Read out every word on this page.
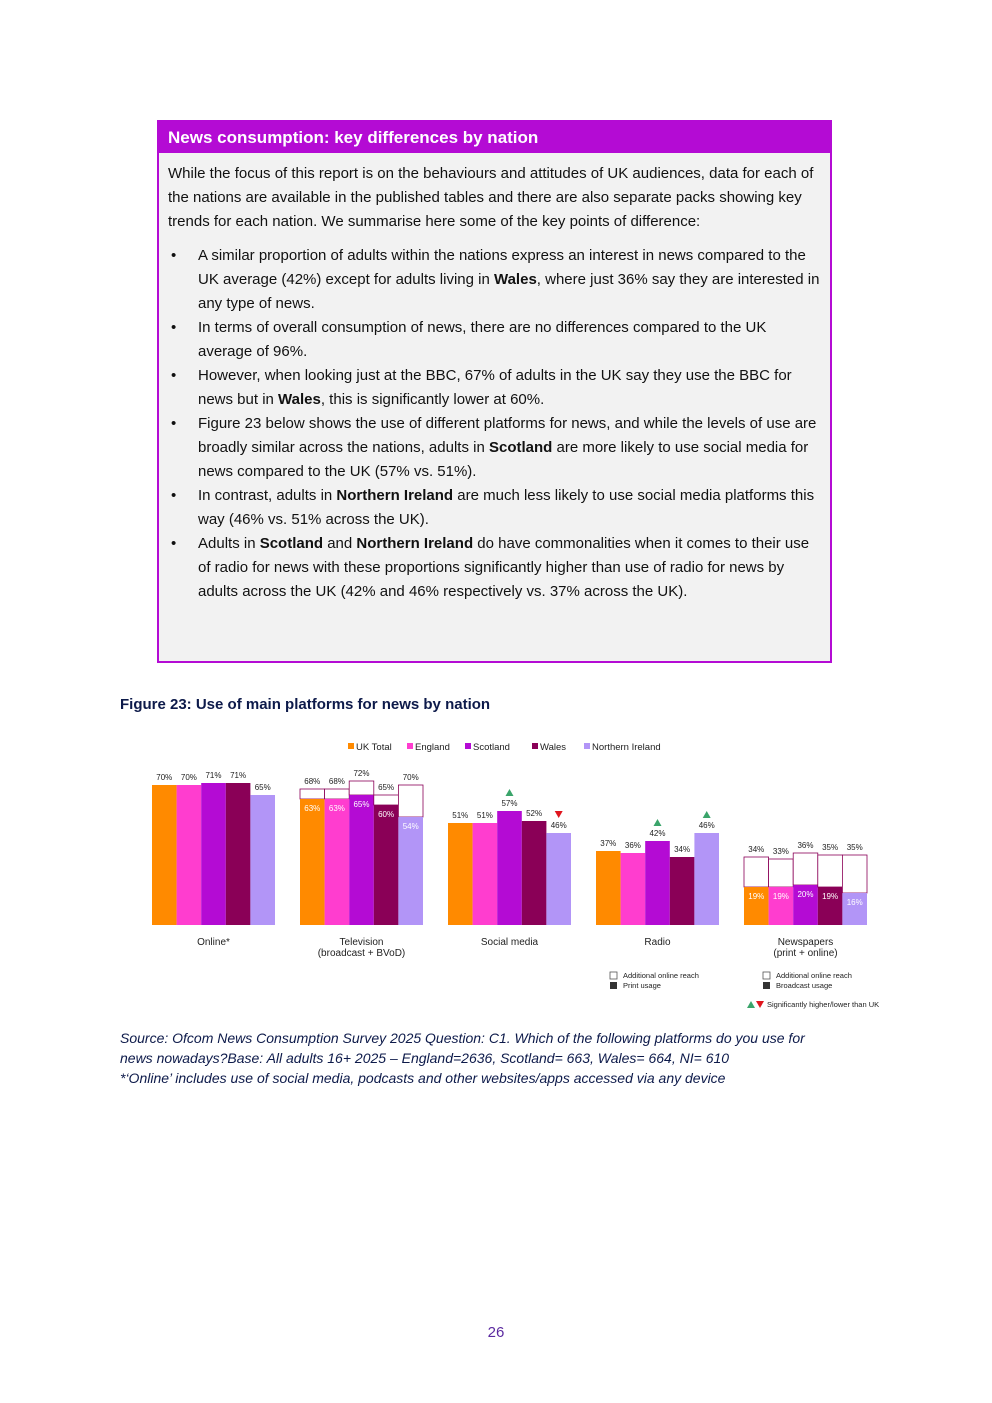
News consumption: key differences by nation

While the focus of this report is on the behaviours and attitudes of UK audiences, data for each of the nations are available in the published tables and there are also separate packs showing key trends for each nation. We summarise here some of the key points of difference:

• A similar proportion of adults within the nations express an interest in news compared to the UK average (42%) except for adults living in Wales, where just 36% say they are interested in any type of news.
• In terms of overall consumption of news, there are no differences compared to the UK average of 96%.
• However, when looking just at the BBC, 67% of adults in the UK say they use the BBC for news but in Wales, this is significantly lower at 60%.
• Figure 23 below shows the use of different platforms for news, and while the levels of use are broadly similar across the nations, adults in Scotland are more likely to use social media for news compared to the UK (57% vs. 51%).
• In contrast, adults in Northern Ireland are much less likely to use social media platforms this way (46% vs. 51% across the UK).
• Adults in Scotland and Northern Ireland do have commonalities when it comes to their use of radio for news with these proportions significantly higher than use of radio for news by adults across the UK (42% and 46% respectively vs. 37% across the UK).
Figure 23: Use of main platforms for news by nation
UK Total England Scotland	Wales	Northern Ireland
70% 70% 71% 71%
65%
Online*
63%
68%
63%
68%
65%
72%
60%
65%
54%
70%
Television
(broadcast + BVoD)
51% 51%
57%
52%
46%
Social media
37% 36%
42%
34%
46%
Radio
19%
34%
19%
33%
20%
36%
19%
35%
16%
35%
Newspapers
(print + online)
Additional online reach
Print usage
Additional online reach
Broadcast usage
Significantly higher/lower than UK
Source: Ofcom News Consumption Survey 2025 Question: C1. Which of the following platforms do you use for
news nowadays?Base: All adults 16+ 2025 – England=2636, Scotland= 663, Wales= 664, NI= 610
*‘Online’ includes use of social media, podcasts and other websites/apps accessed via any device
26
